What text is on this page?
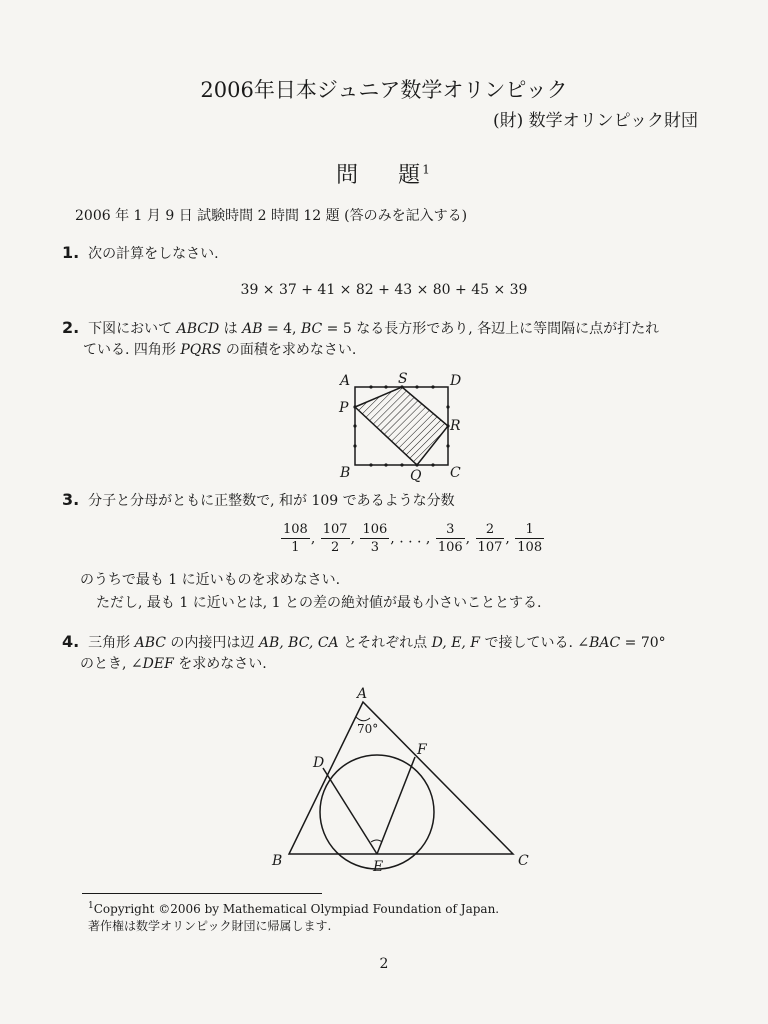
2006年日本ジュニア数学オリンピック
(財) 数学オリンピック財団
問 題$^1$
2006 年 1 月 9 日 試験時間 2 時間 12 題 (答のみを記入する)
1. 次の計算をしなさい.
39 × 37 + 41 × 82 + 43 × 80 + 45 × 39
2. 下図において ABCD は AB = 4, BC = 5 なる長方形であり, 各辺上に等間隔に点が打たれ
ている. 四角形 PQRS の面積を求めなさい.
A	S	D
P
R
B	Q C
3. 分子と分母がともに正整数で, 和が 109 であるような分数
$\frac{108}{1}$ , $\frac{107}{2}$ , $\frac{106}{3}$ , . . . , $\frac{3}{106}$ , $\frac{2}{107}$ , $\frac{1}{108}$
のうちで最も 1 に近いものを求めなさい.
ただし, 最も 1 に近いとは, 1 との差の絶対値が最も小さいこととする.
4. 三角形 ABC の内接円は辺 AB, BC, CA とそれぞれ点 D, E, F で接している. ∠BAC = 70°
のとき, ∠DEF を求めなさい.
A
70°
D
F
B	E	C
$^1$Copyright ©2006 by Mathematical Olympiad Foundation of Japan.
著作権は数学オリンピック財団に帰属します.
2
